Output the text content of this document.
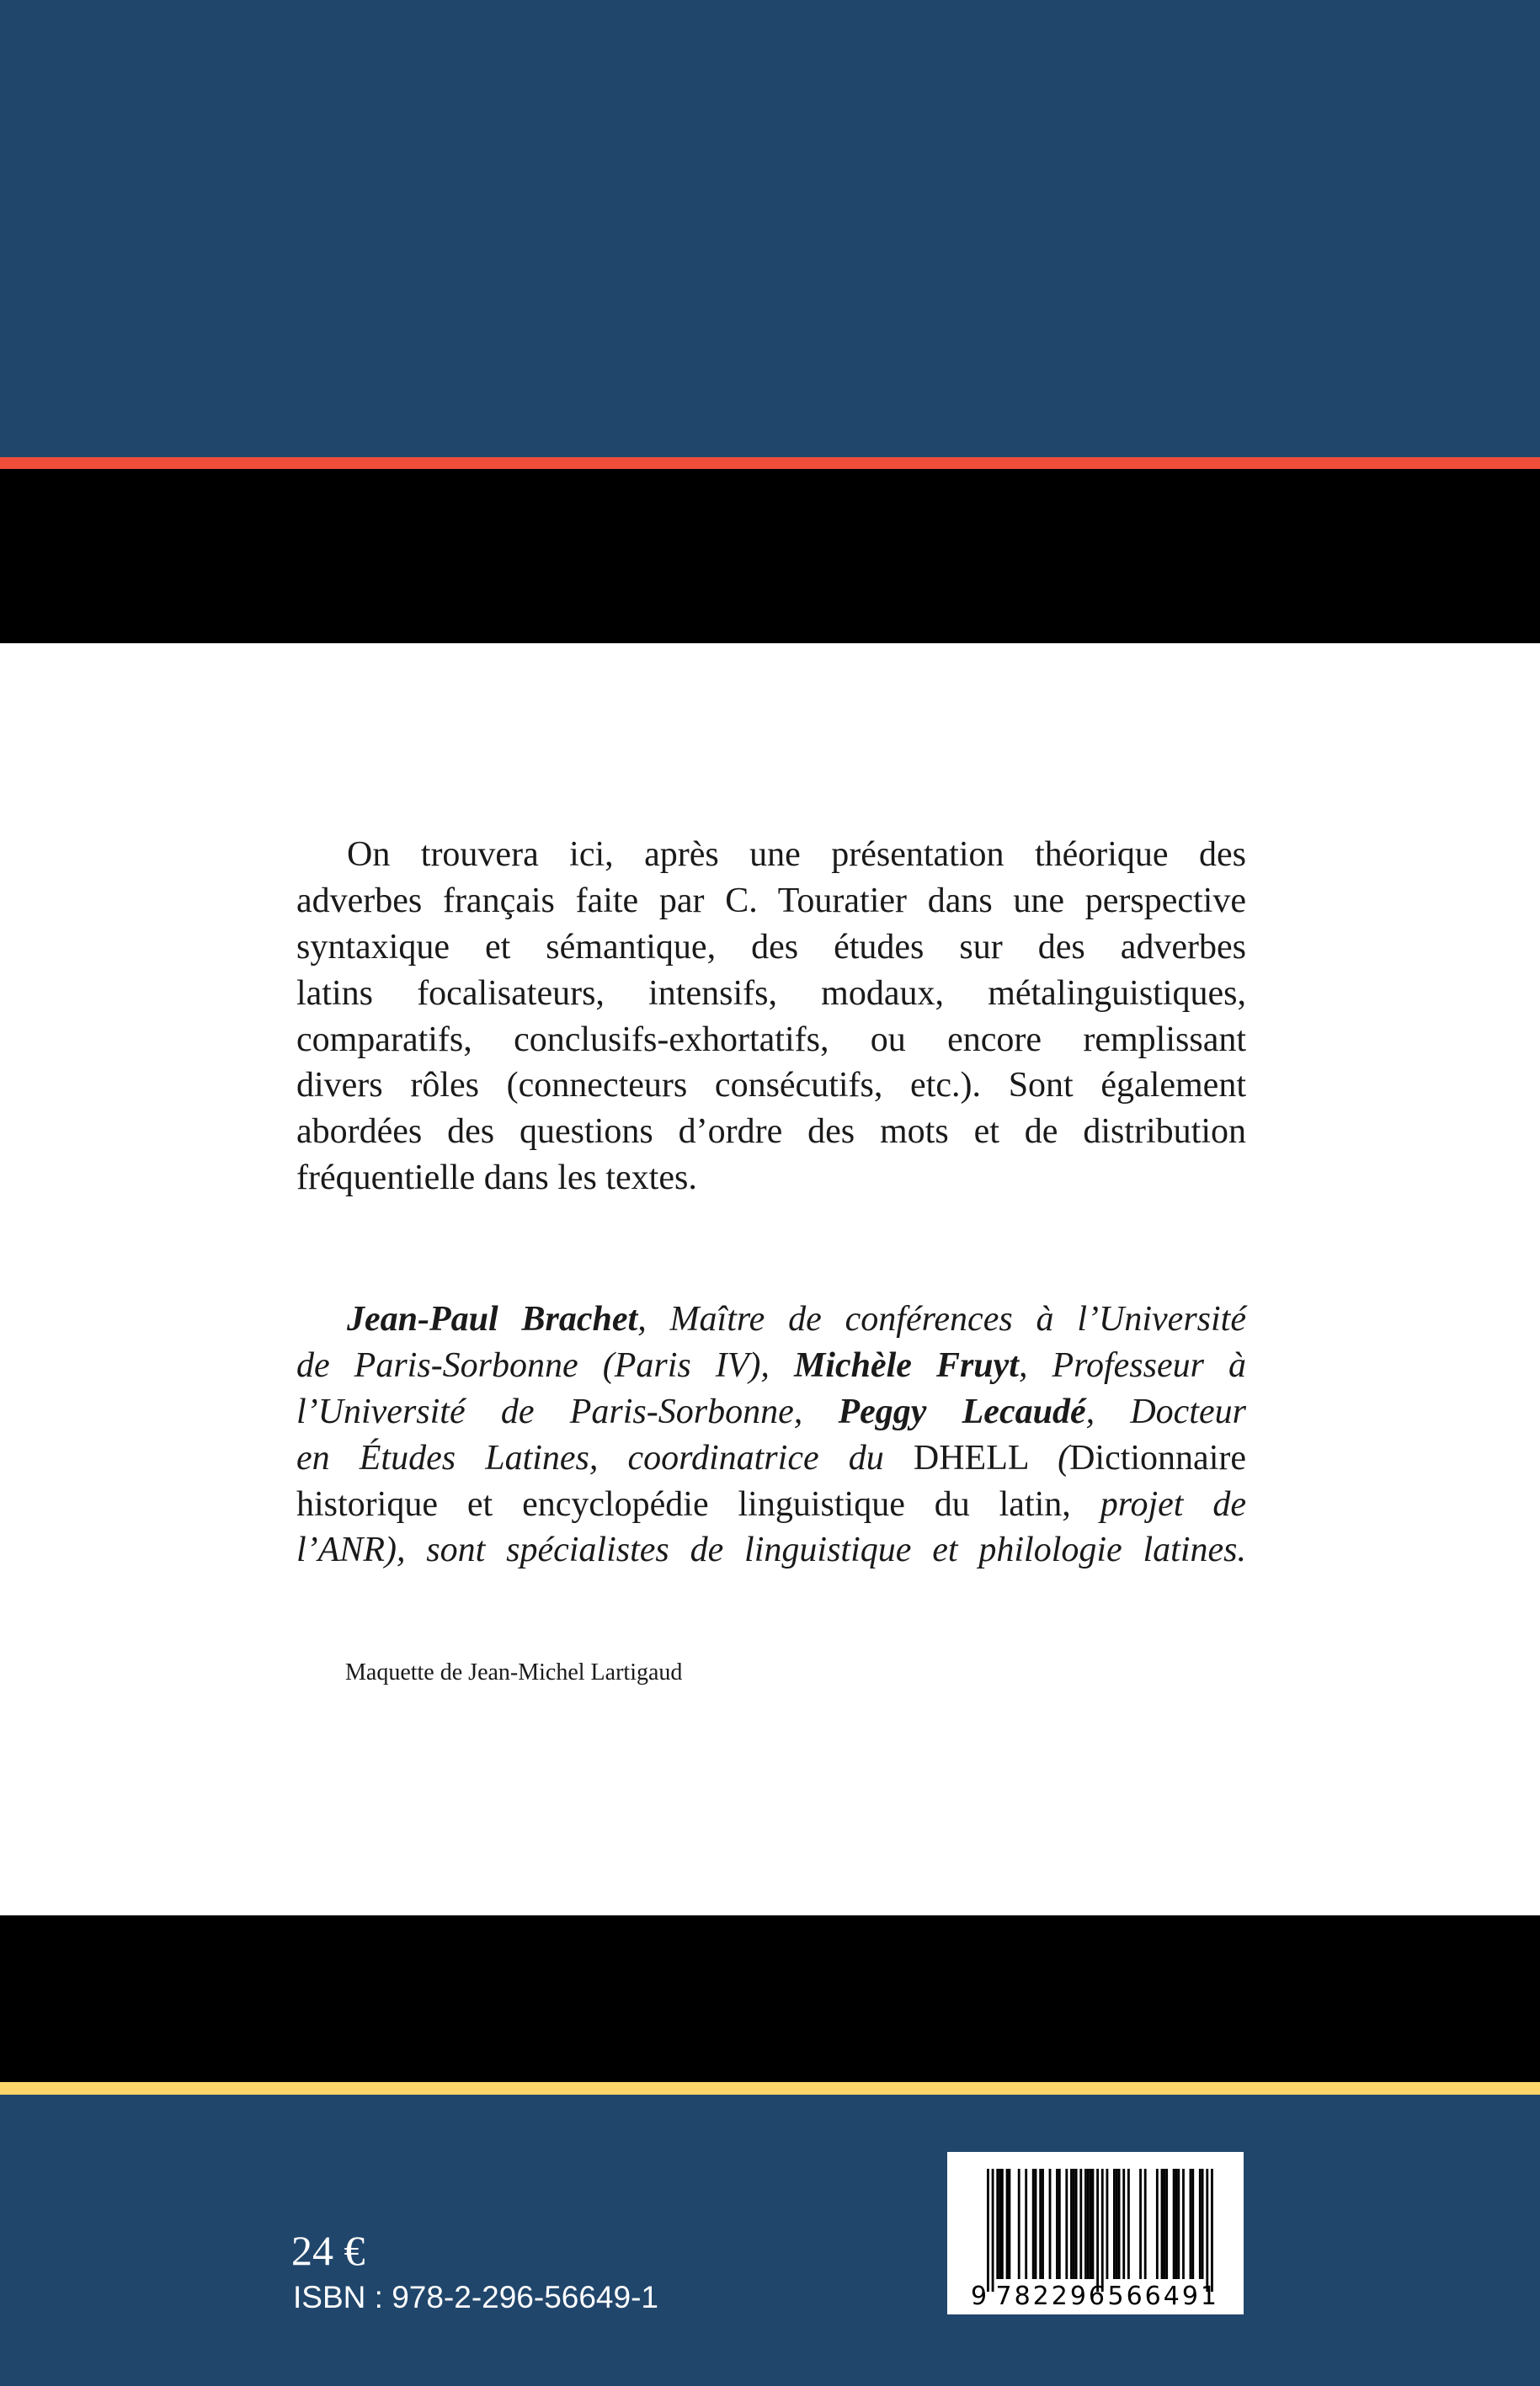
On trouvera ici, après une présentation théorique des
adverbes français faite par C. Touratier dans une perspective
syntaxique et sémantique, des études sur des adverbes
latins focalisateurs, intensifs, modaux, métalinguistiques,
comparatifs, conclusifs-exhortatifs, ou encore remplissant
divers rôles (connecteurs consécutifs, etc.). Sont également
abordées des questions d’ordre des mots et de distribution
fréquentielle dans les textes.
Jean-Paul Brachet, Maître de conférences à l’Université
de Paris-Sorbonne (Paris IV), Michèle Fruyt, Professeur à
l’Université de Paris-Sorbonne, Peggy Lecaudé, Docteur
en Études Latines, coordinatrice du DHELL (Dictionnaire
historique et encyclopédie linguistique du latin, projet de
l’ANR), sont spécialistes de linguistique et philologie latines.
Maquette de Jean-Michel Lartigaud
24 €
ISBN : 978-2-296-56649-1	9 782296 566491
